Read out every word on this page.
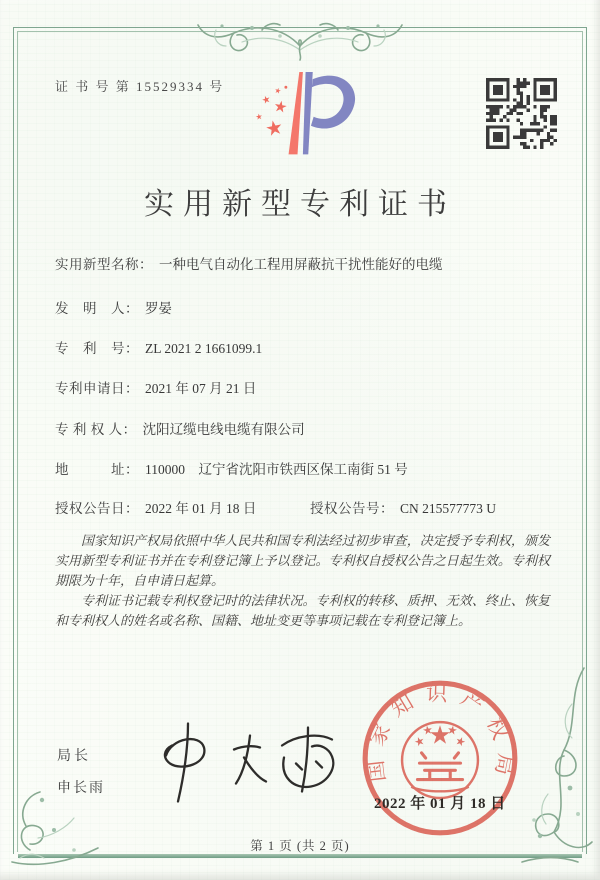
证 书 号 第 15529334 号
实用新型专利证书
实用新型名称： 一种电气自动化工程用屏蔽抗干扰性能好的电缆
发　明　人： 罗晏
专　利　号： ZL 2021 2 1661099.1
专利申请日： 2021 年 07 月 21 日
专 利 权 人： 沈阳辽缆电线电缆有限公司
地　　　址： 110000　辽宁省沈阳市铁西区保工南街 51 号
授权公告日： 2022 年 01 月 18 日	授权公告号： CN 215577773 U

国家知识产权局依照中华人民共和国专利法经过初步审查，决定授予专利权，颁发实用新型专利证书并在专利登记簿上予以登记。专利权自授权公告之日起生效。专利权期限为十年，自申请日起算。

专利证书记载专利权登记时的法律状况。专利权的转移、质押、无效、终止、恢复和专利权人的姓名或名称、国籍、地址变更等事项记载在专利登记簿上。

局长
申长雨
国家知识产权局
2022 年 01 月 18 日
第 1 页 (共 2 页)
